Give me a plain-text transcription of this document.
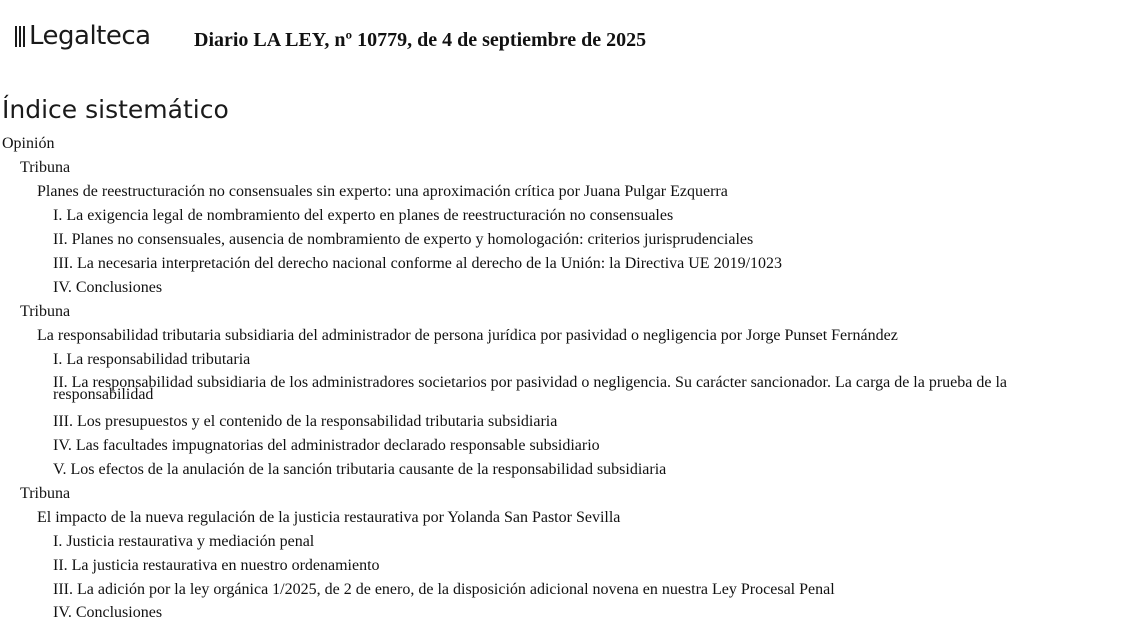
Legalteca Diario LA LEY, nº 10779, de 4 de septiembre de 2025
Índice sistemático
Opinión
Tribuna
Planes de reestructuración no consensuales sin experto: una aproximación crítica por Juana Pulgar Ezquerra
I. La exigencia legal de nombramiento del experto en planes de reestructuración no consensuales
II. Planes no consensuales, ausencia de nombramiento de experto y homologación: criterios jurisprudenciales
III. La necesaria interpretación del derecho nacional conforme al derecho de la Unión: la Directiva UE 2019/1023
IV. Conclusiones
Tribuna
La responsabilidad tributaria subsidiaria del administrador de persona jurídica por pasividad o negligencia por Jorge Punset Fernández
I. La responsabilidad tributaria
II. La responsabilidad subsidiaria de los administradores societarios por pasividad o negligencia. Su carácter sancionador. La carga de la prueba de la responsabilidad
III. Los presupuestos y el contenido de la responsabilidad tributaria subsidiaria
IV. Las facultades impugnatorias del administrador declarado responsable subsidiario
V. Los efectos de la anulación de la sanción tributaria causante de la responsabilidad subsidiaria
Tribuna
El impacto de la nueva regulación de la justicia restaurativa por Yolanda San Pastor Sevilla
I. Justicia restaurativa y mediación penal
II. La justicia restaurativa en nuestro ordenamiento
III. La adición por la ley orgánica 1/2025, de 2 de enero, de la disposición adicional novena en nuestra Ley Procesal Penal
IV. Conclusiones
